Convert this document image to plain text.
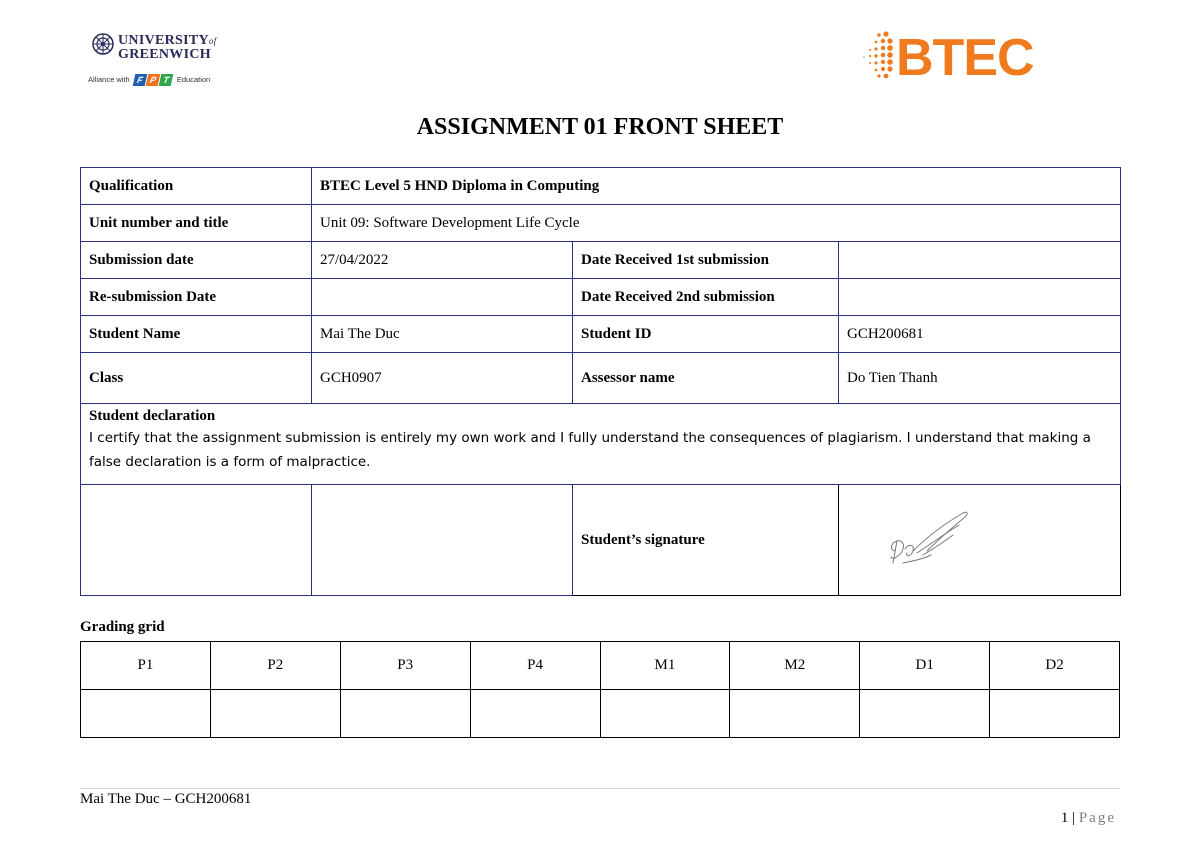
UNIVERSITYof
GREENWICH
Alliance with F P T Education	BTEC
ASSIGNMENT 01 FRONT SHEET
Qualification	BTEC Level 5 HND Diploma in Computing		
Unit number and title	Unit 09: Software Development Life Cycle		
Submission date	27/04/2022	Date Received 1st submission	
Re-submission Date		Date Received 2nd submission	
Student Name	Mai The Duc	Student ID	GCH200681
Class	GCH0907	Assessor name	Do Tien Thanh

Student declaration
I certify that the assignment submission is entirely my own work and I fully understand the consequences of plagiarism. I understand that making a false declaration is a form of malpractice.			

		Student’s signature	
Grading grid
P1	P2	P3	P4	M1	M2	D1	D2

Mai The Duc – GCH200681
1 | Page
